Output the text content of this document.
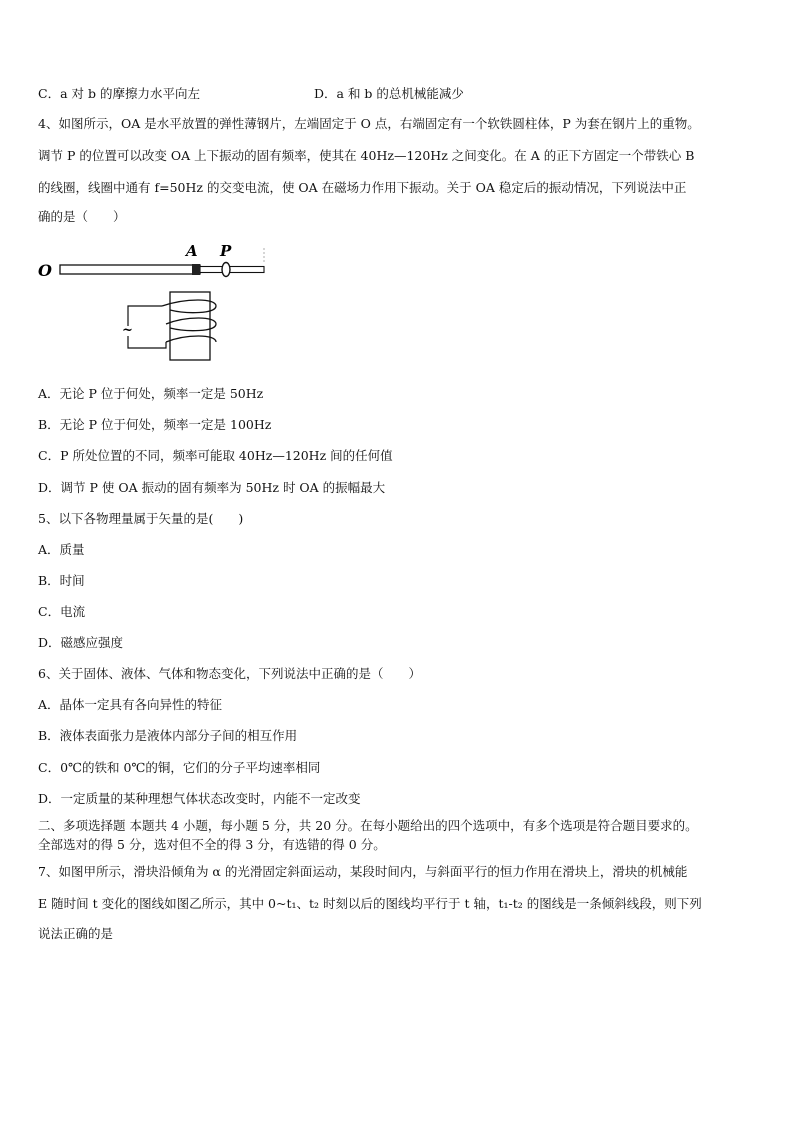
C．a 对 b 的摩擦力水平向左	D．a 和 b 的总机械能减少
4、如图所示，OA 是水平放置的弹性薄钢片，左端固定于 O 点，右端固定有一个软铁圆柱体，P 为套在钢片上的重物。
调节 P 的位置可以改变 OA 上下振动的固有频率，使其在 40Hz—120Hz 之间变化。在 A 的正下方固定一个带铁心 B
的线圈，线圈中通有 f=50Hz 的交变电流，使 OA 在磁场力作用下振动。关于 OA 稳定后的振动情况，下列说法中正
确的是（　　）
O
A P
~
A．无论 P 位于何处，频率一定是 50Hz
B．无论 P 位于何处，频率一定是 100Hz
C．P 所处位置的不同，频率可能取 40Hz—120Hz 间的任何值
D．调节 P 使 OA 振动的固有频率为 50Hz 时 OA 的振幅最大
5、以下各物理量属于矢量的是(　　)
A．质量
B．时间
C．电流
D．磁感应强度
6、关于固体、液体、气体和物态变化，下列说法中正确的是（　　）
A．晶体一定具有各向异性的特征
B．液体表面张力是液体内部分子间的相互作用
C．0℃的铁和 0℃的铜，它们的分子平均速率相同
D．一定质量的某种理想气体状态改变时，内能不一定改变
二、多项选择题 本题共 4 小题，每小题 5 分，共 20 分。在每小题给出的四个选项中，有多个选项是符合题目要求的。
全部选对的得 5 分，选对但不全的得 3 分，有选错的得 0 分。
7、如图甲所示，滑块沿倾角为 α 的光滑固定斜面运动，某段时间内，与斜面平行的恒力作用在滑块上，滑块的机械能
E 随时间 t 变化的图线如图乙所示，其中 0~t₁、t₂ 时刻以后的图线均平行于 t 轴，t₁-t₂ 的图线是一条倾斜线段，则下列
说法正确的是
